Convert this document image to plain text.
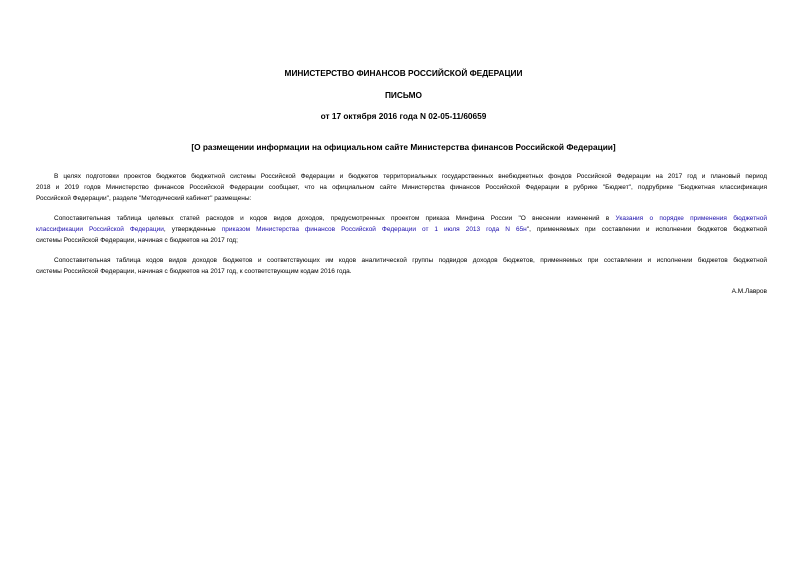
МИНИСТЕРСТВО ФИНАНСОВ РОССИЙСКОЙ ФЕДЕРАЦИИ
ПИСЬМО
от 17 октября 2016 года N 02-05-11/60659
[О размещении информации на официальном сайте Министерства финансов Российской Федерации]
В целях подготовки проектов бюджетов бюджетной системы Российской Федерации и бюджетов территориальных государственных внебюджетных фондов Российской Федерации на 2017 год и плановый период
2018 и 2019 годов Министерство финансов Российской Федерации сообщает, что на официальном сайте Министерства финансов Российской Федерации в рубрике "Бюджет", подрубрике "Бюджетная классификация
Российской Федерации", разделе "Методический кабинет" размещены:
Сопоставительная таблица целевых статей расходов и кодов видов доходов, предусмотренных проектом приказа Минфина России "О внесении изменений в Указания о порядке применения бюджетной
классификации Российской Федерации, утвержденные приказом Министерства финансов Российской Федерации от 1 июля 2013 года N 65н", применяемых при составлении и исполнении бюджетов бюджетной
системы Российской Федерации, начиная с бюджетов на 2017 год;
Сопоставительная таблица кодов видов доходов бюджетов и соответствующих им кодов аналитической группы подвидов доходов бюджетов, применяемых при составлении и исполнении бюджетов бюджетной
системы Российской Федерации, начиная с бюджетов на 2017 год, к соответствующим кодам 2016 года.
А.М.Лавров
